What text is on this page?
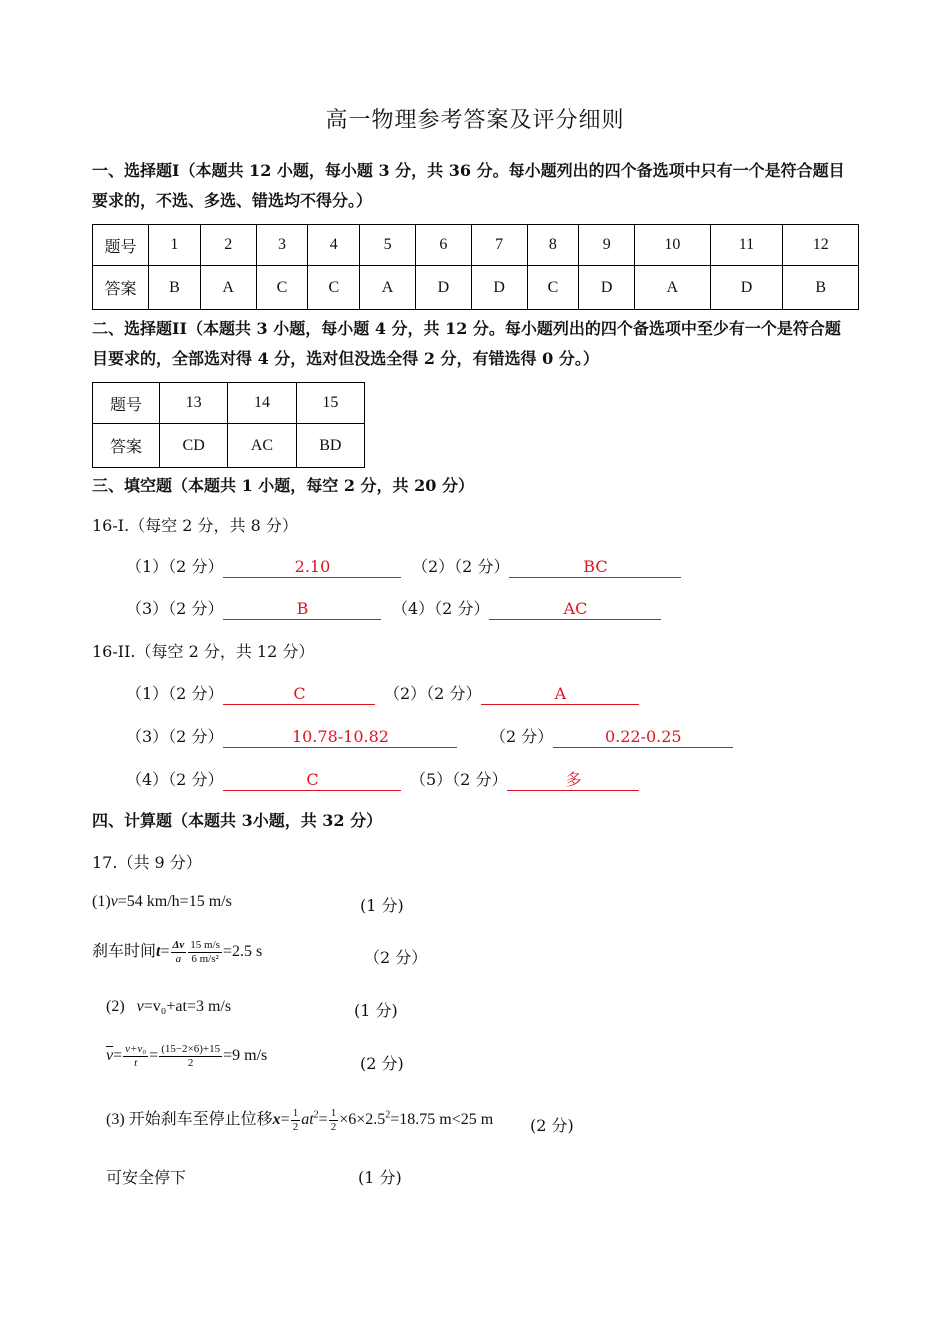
高一物理参考答案及评分细则
一、选择题I（本题共 12 小题，每小题 3 分，共 36 分。每小题列出的四个备选项中只有一个是符合题目
要求的，不选、多选、错选均不得分。）
题号	1	2	3	4	5	6	7	8	9	10	11	12
答案	B	A	C	C	A	D	D	C	D	A	D	B
二、选择题II（本题共 3 小题，每小题 4 分，共 12 分。每小题列出的四个备选项中至少有一个是符合题
目要求的，全部选对得 4 分，选对但没选全得 2 分，有错选得 0 分。）
题号	13	14	15
答案	CD	AC	BD
三、填空题（本题共 1 小题，每空 2 分，共 20 分）
16-I.（每空 2 分，共 8 分）
（1）（2 分）	2.10	（2）（2 分）	BC
（3）（2 分）	B	（4）（2 分）	AC
16-II.（每空 2 分，共 12 分）
（1）（2 分）	C	（2）（2 分）	A
（3）（2 分）	10.78-10.82	（2 分）	0.22-0.25
（4）（2 分）	C	（5）（2 分）	多
四、计算题（本题共 3小题，共 32 分）
17.（共 9 分）
(1)v=54 km/h=15 m/s	(1 分)
刹车时间$t= \frac{\Delta v}{a} \frac{15 m/s}{\text{6 m/s²}} =2.5$ s	（2 分）
(2) v=v₀+at=3 m/s	(1 分)
$\overline{v}= \frac{\text{v+v₀}}{t} = \frac{(15-2\times 6)+15}{2} =9$ m/s	(2 分)
(3) 开始刹车至停止位移$x= \frac{1}{2} at^2= \frac{1}{2} \times 6\times 2.5^2=18.75$ m<25 m (2 分)
可安全停下	(1 分)
